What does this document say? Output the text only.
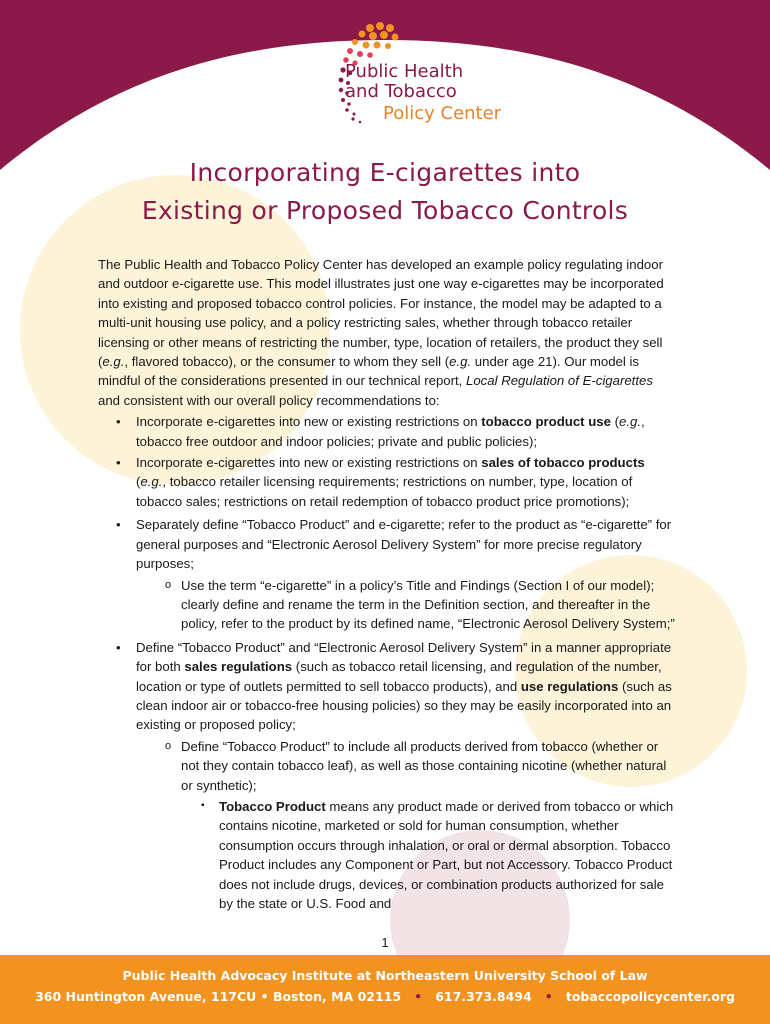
Public Health
and Tobacco
Policy Center
Incorporating E-cigarettes into
Existing or Proposed Tobacco Controls

The Public Health and Tobacco Policy Center has developed an example policy regulating indoor and outdoor e-cigarette use. This model illustrates just one way e-cigarettes may be incorporated into existing and proposed tobacco control policies. For instance, the model may be adapted to a multi-unit housing use policy, and a policy restricting sales, whether through tobacco retailer licensing or other means of restricting the number, type, location of retailers, the product they sell (e.g., flavored tobacco), or the consumer to whom they sell (e.g. under age 21). Our model is mindful of the considerations presented in our technical report, Local Regulation of E-cigarettes and consistent with our overall policy recommendations to:

• Incorporate e-cigarettes into new or existing restrictions on tobacco product use (e.g., tobacco free outdoor and indoor policies; private and public policies);
• Incorporate e-cigarettes into new or existing restrictions on sales of tobacco products (e.g., tobacco retailer licensing requirements; restrictions on number, type, location of tobacco sales; restrictions on retail redemption of tobacco product price promotions);
• Separately define “Tobacco Product” and e-cigarette; refer to the product as “e-cigarette” for general purposes and “Electronic Aerosol Delivery System” for more precise regulatory purposes;
o Use the term “e-cigarette” in a policy’s Title and Findings (Section I of our model); clearly define and rename the term in the Definition section, and thereafter in the policy, refer to the product by its defined name, “Electronic Aerosol Delivery System;”
• Define “Tobacco Product” and “Electronic Aerosol Delivery System” in a manner appropriate for both sales regulations (such as tobacco retail licensing, and regulation of the number, location or type of outlets permitted to sell tobacco products), and use regulations (such as clean indoor air or tobacco-free housing policies) so they may be easily incorporated into an existing or proposed policy;
o Define “Tobacco Product” to include all products derived from tobacco (whether or not they contain tobacco leaf), as well as those containing nicotine (whether natural or synthetic);
▪ Tobacco Product means any product made or derived from tobacco or which contains nicotine, marketed or sold for human consumption, whether consumption occurs through inhalation, or oral or dermal absorption. Tobacco Product includes any Component or Part, but not Accessory. Tobacco Product does not include drugs, devices, or combination products authorized for sale by the state or U.S. Food and
1
Public Health Advocacy Institute at Northeastern University School of Law
360 Huntington Avenue, 117CU • Boston, MA 02115 • 617.373.8494 • tobaccopolicycenter.org
